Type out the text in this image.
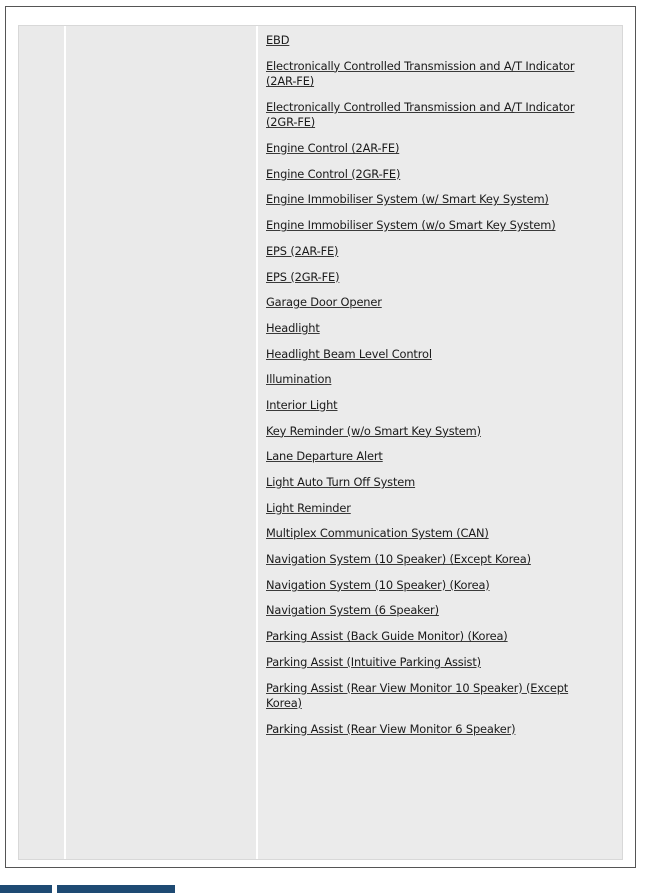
EBD
Electronically Controlled Transmission and A/T Indicator (2AR-FE)
Electronically Controlled Transmission and A/T Indicator (2GR-FE)
Engine Control (2AR-FE)
Engine Control (2GR-FE)
Engine Immobiliser System (w/ Smart Key System)
Engine Immobiliser System (w/o Smart Key System)
EPS (2AR-FE)
EPS (2GR-FE)
Garage Door Opener
Headlight
Headlight Beam Level Control
Illumination
Interior Light
Key Reminder (w/o Smart Key System)
Lane Departure Alert
Light Auto Turn Off System
Light Reminder
Multiplex Communication System (CAN)
Navigation System (10 Speaker) (Except Korea)
Navigation System (10 Speaker) (Korea)
Navigation System (6 Speaker)
Parking Assist (Back Guide Monitor) (Korea)
Parking Assist (Intuitive Parking Assist)
Parking Assist (Rear View Monitor 10 Speaker) (Except Korea)
Parking Assist (Rear View Monitor 6 Speaker)
